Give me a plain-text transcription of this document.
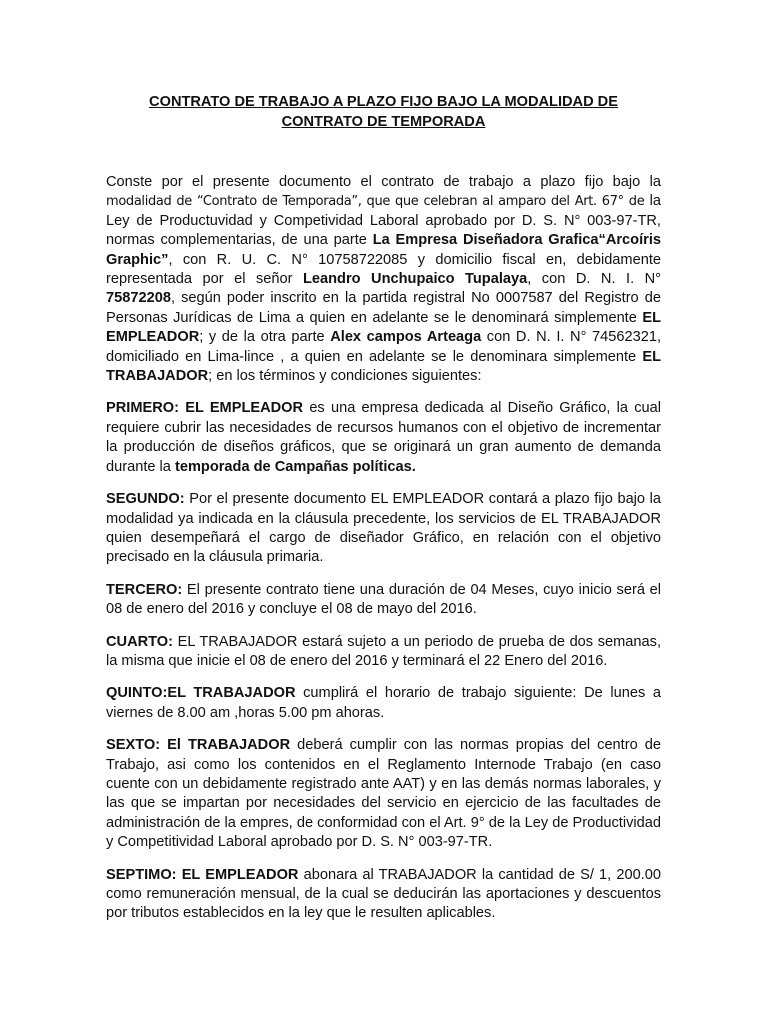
CONTRATO DE TRABAJO A PLAZO FIJO BAJO LA MODALIDAD DE
CONTRATO DE TEMPORADA

Conste por el presente documento el contrato de trabajo a plazo fijo bajo la modalidad de “Contrato de Temporada”, que que celebran al amparo del Art. 67° de la Ley de Productuvidad y Competividad Laboral aprobado por D. S. N° 003-97-TR, normas complementarias, de una parte La Empresa Diseñadora Grafica“Arcoíris Graphic”, con R. U. C. N° 10758722085 y domicilio fiscal en, debidamente representada por el señor Leandro Unchupaico Tupalaya, con D. N. I. N° 75872208, según poder inscrito en la partida registral No 0007587 del Registro de Personas Jurídicas de Lima a quien en adelante se le denominará simplemente EL EMPLEADOR; y de la otra parte Alex campos Arteaga con D. N. I. N° 74562321, domiciliado en Lima-lince , a quien en adelante se le denominara simplemente EL TRABAJADOR; en los términos y condiciones siguientes:

PRIMERO: EL EMPLEADOR es una empresa dedicada al Diseño Gráfico, la cual requiere cubrir las necesidades de recursos humanos con el objetivo de incrementar la producción de diseños gráficos, que se originará un gran aumento de demanda durante la temporada de Campañas políticas.

SEGUNDO: Por el presente documento EL EMPLEADOR contará a plazo fijo bajo la modalidad ya indicada en la cláusula precedente, los servicios de EL TRABAJADOR quien desempeñará el cargo de diseñador Gráfico, en relación con el objetivo precisado en la cláusula primaria.

TERCERO: El presente contrato tiene una duración de 04 Meses, cuyo inicio será el 08 de enero del 2016 y concluye el 08 de mayo del 2016.

CUARTO: EL TRABAJADOR estará sujeto a un periodo de prueba de dos semanas, la misma que inicie el 08 de enero del 2016 y terminará el 22 Enero del 2016.

QUINTO:EL TRABAJADOR cumplirá el horario de trabajo siguiente: De lunes a viernes de 8.00 am ,horas 5.00 pm ahoras.

SEXTO: El TRABAJADOR deberá cumplir con las normas propias del centro de Trabajo, asi como los contenidos en el Reglamento Internode Trabajo (en caso cuente con un debidamente registrado ante AAT) y en las demás normas laborales, y las que se impartan por necesidades del servicio en ejercicio de las facultades de administración de la empres, de conformidad con el Art. 9° de la Ley de Productividad y Competitividad Laboral aprobado por D. S. N° 003-97-TR.

SEPTIMO: EL EMPLEADOR abonara al TRABAJADOR la cantidad de S/ 1, 200.00 como remuneración mensual, de la cual se deducirán las aportaciones y descuentos por tributos establecidos en la ley que le resulten aplicables.
